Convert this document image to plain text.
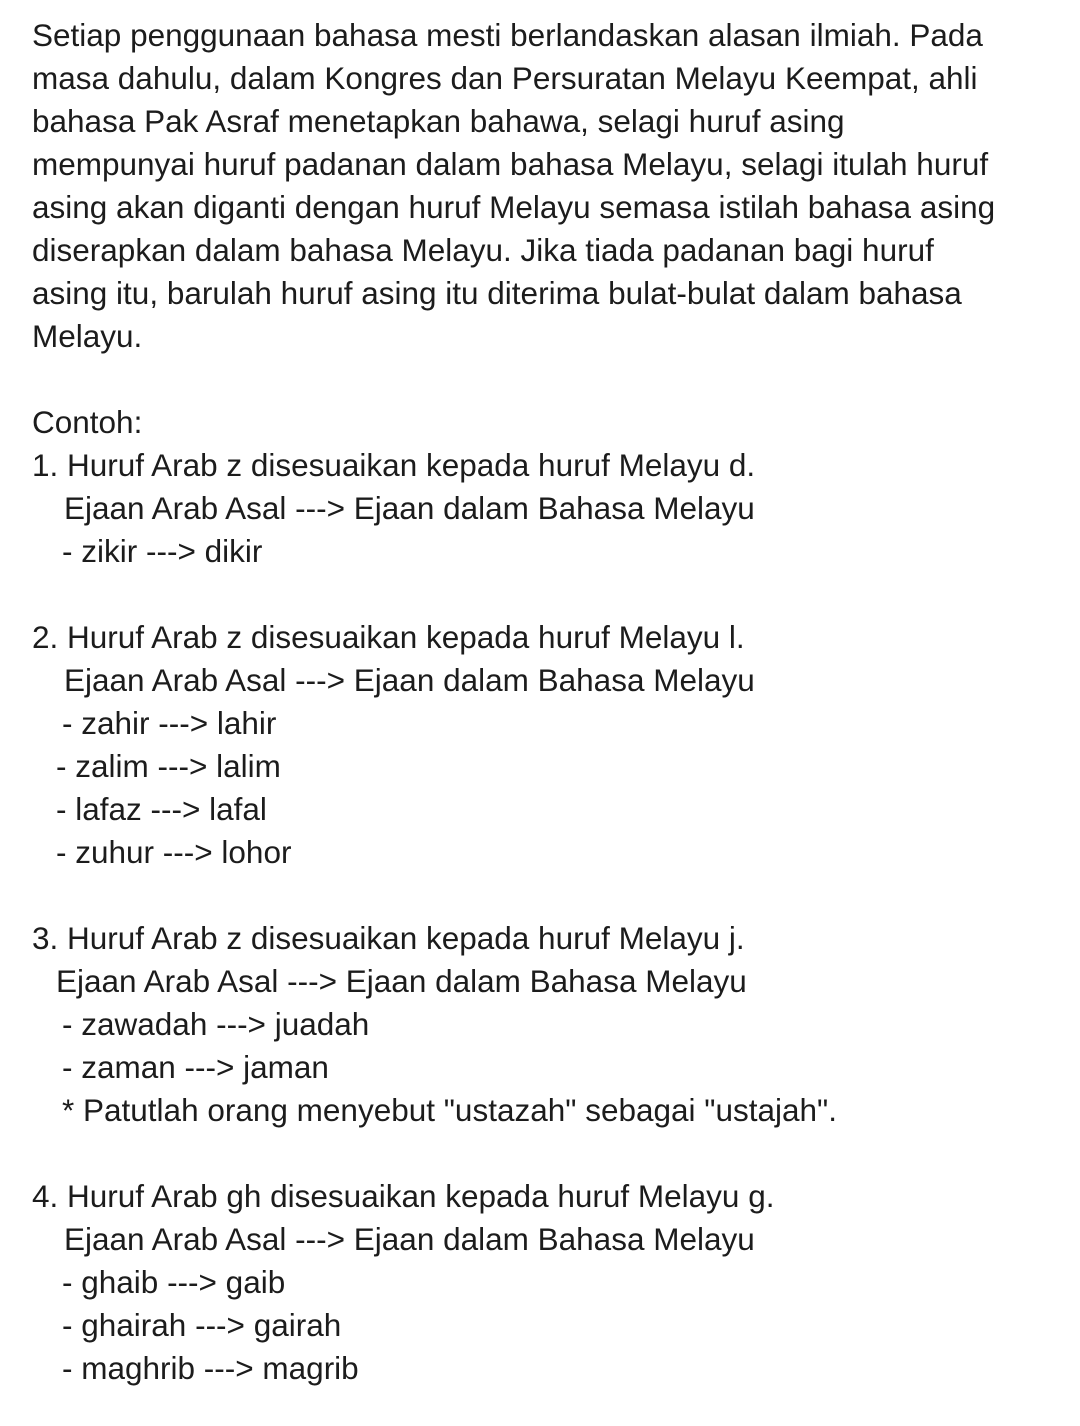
Setiap penggunaan bahasa mesti berlandaskan alasan ilmiah. Pada
masa dahulu, dalam Kongres dan Persuratan Melayu Keempat, ahli
bahasa Pak Asraf menetapkan bahawa, selagi huruf asing
mempunyai huruf padanan dalam bahasa Melayu, selagi itulah huruf
asing akan diganti dengan huruf Melayu semasa istilah bahasa asing
diserapkan dalam bahasa Melayu. Jika tiada padanan bagi huruf
asing itu, barulah huruf asing itu diterima bulat-bulat dalam bahasa
Melayu.
Contoh:
1. Huruf Arab z disesuaikan kepada huruf Melayu d.
Ejaan Arab Asal ---> Ejaan dalam Bahasa Melayu
- zikir ---> dikir
2. Huruf Arab z disesuaikan kepada huruf Melayu l.
Ejaan Arab Asal ---> Ejaan dalam Bahasa Melayu
- zahir ---> lahir
- zalim ---> lalim
- lafaz ---> lafal
- zuhur ---> lohor
3. Huruf Arab z disesuaikan kepada huruf Melayu j.
Ejaan Arab Asal ---> Ejaan dalam Bahasa Melayu
- zawadah ---> juadah
- zaman ---> jaman
* Patutlah orang menyebut "ustazah" sebagai "ustajah".
4. Huruf Arab gh disesuaikan kepada huruf Melayu g.
Ejaan Arab Asal ---> Ejaan dalam Bahasa Melayu
- ghaib ---> gaib
- ghairah ---> gairah
- maghrib ---> magrib
